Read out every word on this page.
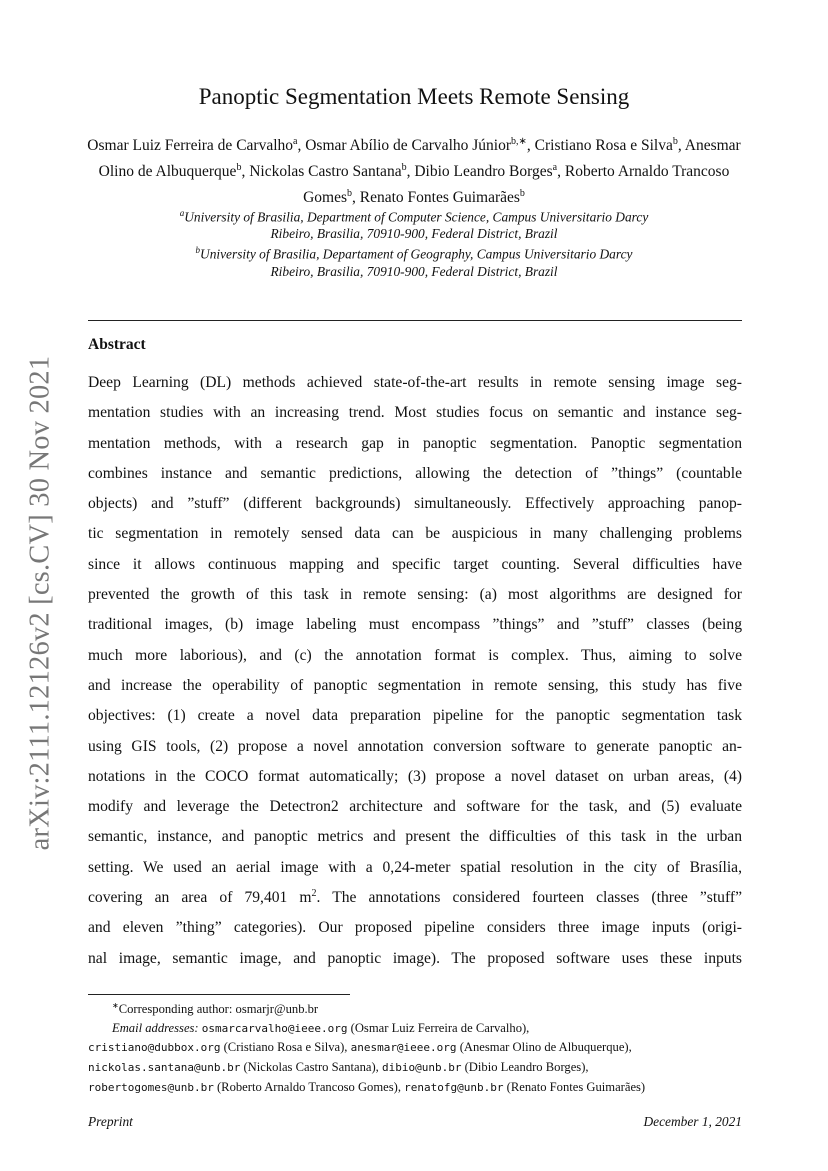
arXiv:2111.12126v2 [cs.CV] 30 Nov 2021
Panoptic Segmentation Meets Remote Sensing
Osmar Luiz Ferreira de Carvalho$^a$, Osmar Abílio de Carvalho Júnior$^{b,∗}$, Cristiano Rosa e Silva$^b$, Anesmar Olino de Albuquerque$^b$, Nickolas Castro Santana$^b$, Dibio Leandro Borges$^a$, Roberto Arnaldo Trancoso Gomes$^b$, Renato Fontes Guimarães$^b$
$^a$University of Brasilia, Department of Computer Science, Campus Universitario Darcy
Ribeiro, Brasilia, 70910-900, Federal District, Brazil
$^b$University of Brasilia, Departament of Geography, Campus Universitario Darcy
Ribeiro, Brasilia, 70910-900, Federal District, Brazil
Abstract
Deep Learning (DL) methods achieved state-of-the-art results in remote sensing image seg-
mentation studies with an increasing trend. Most studies focus on semantic and instance seg-
mentation methods, with a research gap in panoptic segmentation. Panoptic segmentation
combines instance and semantic predictions, allowing the detection of ”things” (countable
objects) and ”stuff” (different backgrounds) simultaneously. Effectively approaching panop-
tic segmentation in remotely sensed data can be auspicious in many challenging problems
since it allows continuous mapping and specific target counting. Several difficulties have
prevented the growth of this task in remote sensing: (a) most algorithms are designed for
traditional images, (b) image labeling must encompass ”things” and ”stuff” classes (being
much more laborious), and (c) the annotation format is complex. Thus, aiming to solve
and increase the operability of panoptic segmentation in remote sensing, this study has five
objectives: (1) create a novel data preparation pipeline for the panoptic segmentation task
using GIS tools, (2) propose a novel annotation conversion software to generate panoptic an-
notations in the COCO format automatically; (3) propose a novel dataset on urban areas, (4)
modify and leverage the Detectron2 architecture and software for the task, and (5) evaluate
semantic, instance, and panoptic metrics and present the difficulties of this task in the urban
setting. We used an aerial image with a 0,24-meter spatial resolution in the city of Brasília,
covering an area of 79,401 $m^2$. The annotations considered fourteen classes (three ”stuff”
and eleven ”thing” categories). Our proposed pipeline considers three image inputs (origi-
nal image, semantic image, and panoptic image). The proposed software uses these inputs
∗Corresponding author: osmarjr@unb.br
Email addresses: osmarcarvalho@ieee.org (Osmar Luiz Ferreira de Carvalho),
cristiano@dubbox.org (Cristiano Rosa e Silva), anesmar@ieee.org (Anesmar Olino de Albuquerque),
nickolas.santana@unb.br (Nickolas Castro Santana), dibio@unb.br (Dibio Leandro Borges),
robertogomes@unb.br (Roberto Arnaldo Trancoso Gomes), renatofg@unb.br (Renato Fontes Guimarães)
Preprint	December 1, 2021
